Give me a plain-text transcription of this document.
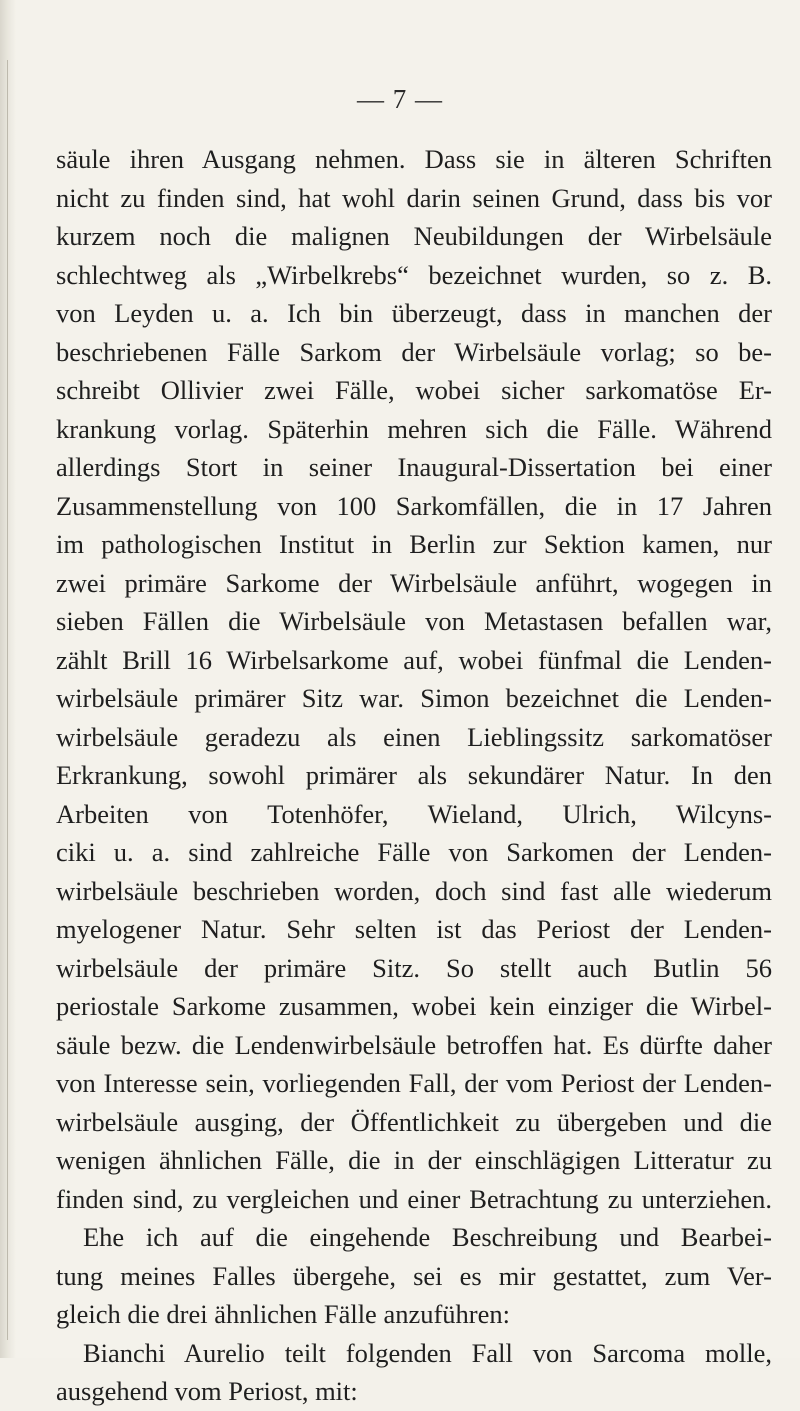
— 7 —

säule ihren Ausgang nehmen. Dass sie in älteren Schriften
nicht zu finden sind, hat wohl darin seinen Grund, dass bis vor
kurzem noch die malignen Neubildungen der Wirbelsäule
schlechtweg als „Wirbelkrebs“ bezeichnet wurden, so z. B.
von Leyden u. a. Ich bin überzeugt, dass in manchen der
beschriebenen Fälle Sarkom der Wirbelsäule vorlag; so be-
schreibt Ollivier zwei Fälle, wobei sicher sarkomatöse Er-
krankung vorlag. Späterhin mehren sich die Fälle. Während
allerdings Stort in seiner Inaugural-Dissertation bei einer
Zusammenstellung von 100 Sarkomfällen, die in 17 Jahren
im pathologischen Institut in Berlin zur Sektion kamen, nur
zwei primäre Sarkome der Wirbelsäule anführt, wogegen in
sieben Fällen die Wirbelsäule von Metastasen befallen war,
zählt Brill 16 Wirbelsarkome auf, wobei fünfmal die Lenden-
wirbelsäule primärer Sitz war. Simon bezeichnet die Lenden-
wirbelsäule geradezu als einen Lieblingssitz sarkomatöser
Erkrankung, sowohl primärer als sekundärer Natur. In den
Arbeiten von Totenhöfer, Wieland, Ulrich, Wilcyns-
ciki u. a. sind zahlreiche Fälle von Sarkomen der Lenden-
wirbelsäule beschrieben worden, doch sind fast alle wiederum
myelogener Natur. Sehr selten ist das Periost der Lenden-
wirbelsäule der primäre Sitz. So stellt auch Butlin 56
periostale Sarkome zusammen, wobei kein einziger die Wirbel-
säule bezw. die Lendenwirbelsäule betroffen hat. Es dürfte daher
von Interesse sein, vorliegenden Fall, der vom Periost der Lenden-
wirbelsäule ausging, der Öffentlichkeit zu übergeben und die
wenigen ähnlichen Fälle, die in der einschlägigen Litteratur zu
finden sind, zu vergleichen und einer Betrachtung zu unterziehen.
Ehe ich auf die eingehende Beschreibung und Bearbei-
tung meines Falles übergehe, sei es mir gestattet, zum Ver-
gleich die drei ähnlichen Fälle anzuführen:
Bianchi Aurelio teilt folgenden Fall von Sarcoma molle,
ausgehend vom Periost, mit:
